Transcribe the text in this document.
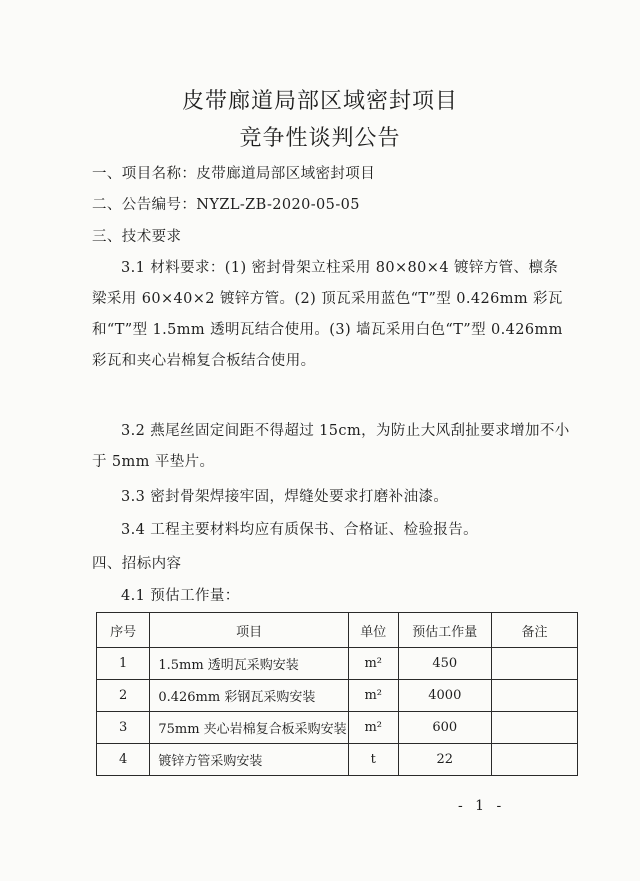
皮带廊道局部区域密封项目
竞争性谈判公告
一、项目名称：皮带廊道局部区域密封项目
二、公告编号：NYZL-ZB-2020-05-05
三、技术要求
3.1 材料要求：(1) 密封骨架立柱采用 80×80×4 镀锌方管、檩条梁采用 60×40×2 镀锌方管。(2) 顶瓦采用蓝色“T”型 0.426mm 彩瓦和“T”型 1.5mm 透明瓦结合使用。(3) 墙瓦采用白色“T”型 0.426mm 彩瓦和夹心岩棉复合板结合使用。
3.2 燕尾丝固定间距不得超过 15cm，为防止大风刮扯要求增加不小于 5mm 平垫片。
3.3 密封骨架焊接牢固，焊缝处要求打磨补油漆。
3.4 工程主要材料均应有质保书、合格证、检验报告。
四、招标内容
4.1 预估工作量：
序号	项目	单位	预估工作量	备注
1	1.5mm 透明瓦采购安装	m²	450	
2	0.426mm 彩钢瓦采购安装	m²	4000	
3	75mm 夹心岩棉复合板采购安装	m²	600	
4	镀锌方管采购安装	t	22	
- 1 -
